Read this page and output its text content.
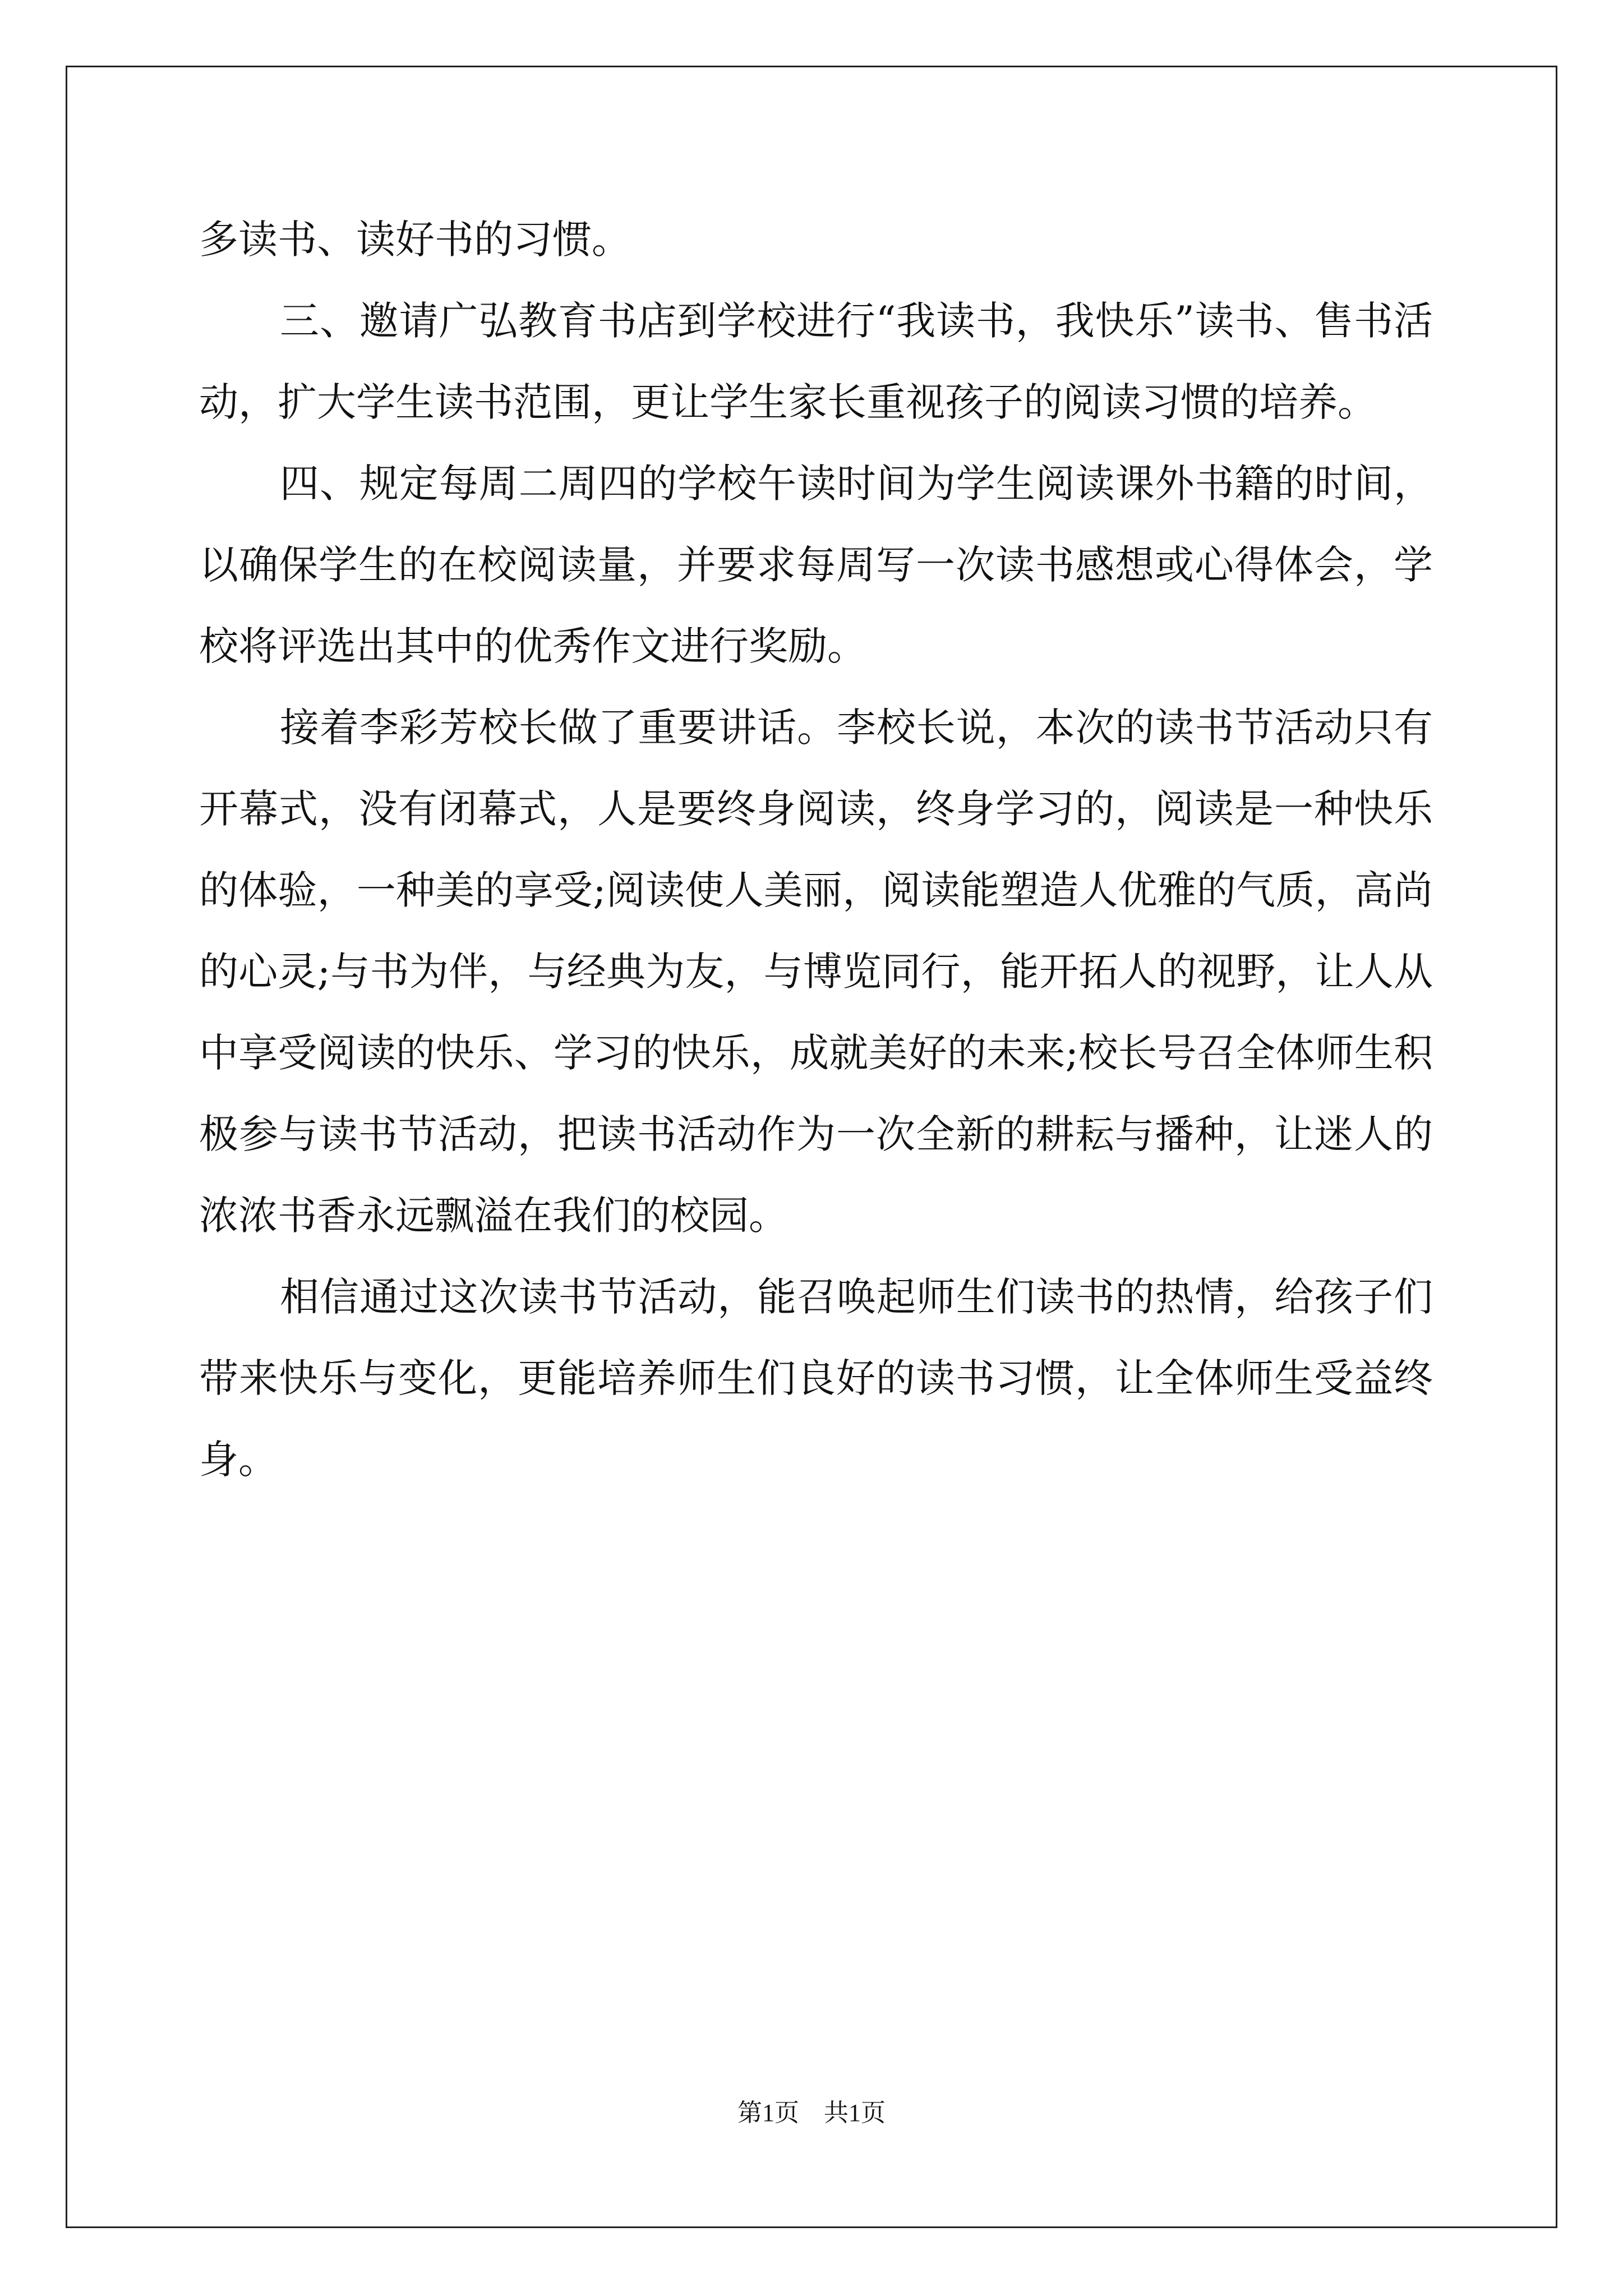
多读书、读好书的习惯。

三、邀请广弘教育书店到学校进行“我读书，我快乐”读书、售书活动，扩大学生读书范围，更让学生家长重视孩子的阅读习惯的培养。

四、规定每周二周四的学校午读时间为学生阅读课外书籍的时间，以确保学生的在校阅读量，并要求每周写一次读书感想或心得体会，学校将评选出其中的优秀作文进行奖励。

接着李彩芳校长做了重要讲话。李校长说，本次的读书节活动只有开幕式，没有闭幕式，人是要终身阅读，终身学习的，阅读是一种快乐的体验，一种美的享受;阅读使人美丽，阅读能塑造人优雅的气质，高尚的心灵;与书为伴，与经典为友，与博览同行，能开拓人的视野，让人从中享受阅读的快乐、学习的快乐，成就美好的未来;校长号召全体师生积极参与读书节活动，把读书活动作为一次全新的耕耘与播种，让迷人的浓浓书香永远飘溢在我们的校园。

相信通过这次读书节活动，能召唤起师生们读书的热情，给孩子们带来快乐与变化，更能培养师生们良好的读书习惯，让全体师生受益终身。

第1页　共1页
